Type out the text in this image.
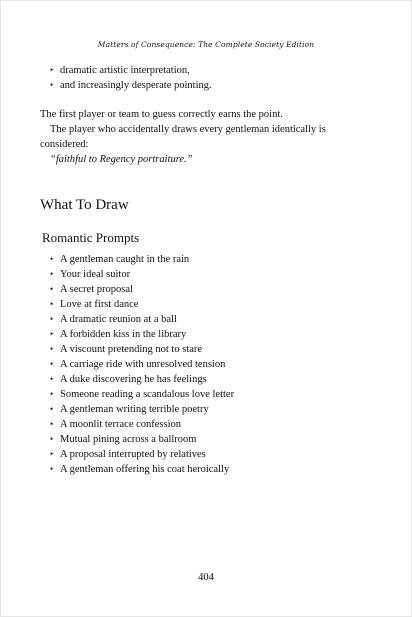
Matters of Consequence: The Complete Society Edition
• dramatic artistic interpretation,
• and increasingly desperate pointing.

The first player or team to guess correctly earns the point.

The player who accidentally draws every gentleman identically is considered:

“faithful to Regency portraiture.”

What To Draw
Romantic Prompts
• A gentleman caught in the rain
• Your ideal suitor
• A secret proposal
• Love at first dance
• A dramatic reunion at a ball
• A forbidden kiss in the library
• A viscount pretending not to stare
• A carriage ride with unresolved tension
• A duke discovering he has feelings
• Someone reading a scandalous love letter
• A gentleman writing terrible poetry
• A moonlit terrace confession
• Mutual pining across a ballroom
• A proposal interrupted by relatives
• A gentleman offering his coat heroically
404
